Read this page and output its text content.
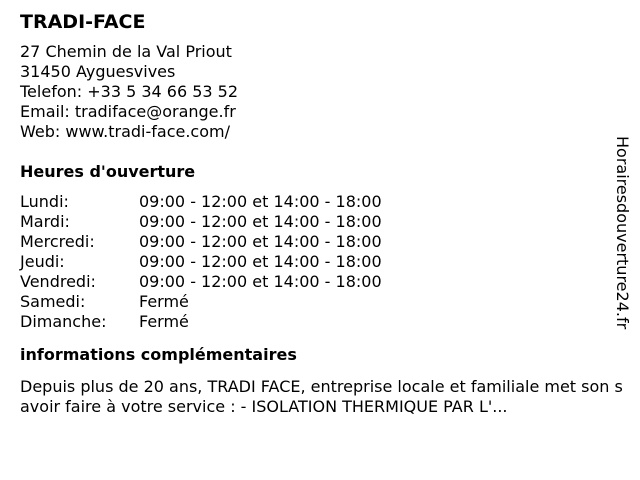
TRADI-FACE
27 Chemin de la Val Priout
31450 Ayguesvives
Telefon: +33 5 34 66 53 52
Email: tradiface@orange.fr
Web: www.tradi-face.com/
Heures d'ouverture
Lundi:	09:00 - 12:00 et 14:00 - 18:00
Mardi:	09:00 - 12:00 et 14:00 - 18:00
Mercredi:	09:00 - 12:00 et 14:00 - 18:00
Jeudi:	09:00 - 12:00 et 14:00 - 18:00
Vendredi:	09:00 - 12:00 et 14:00 - 18:00
Samedi:	Fermé
Dimanche:	Fermé
informations complémentaires
Depuis plus de 20 ans, TRADI FACE, entreprise locale et familiale met son savoir faire à votre service : - ISOLATION THERMIQUE PAR L'...
Horairesdouverture24.fr
